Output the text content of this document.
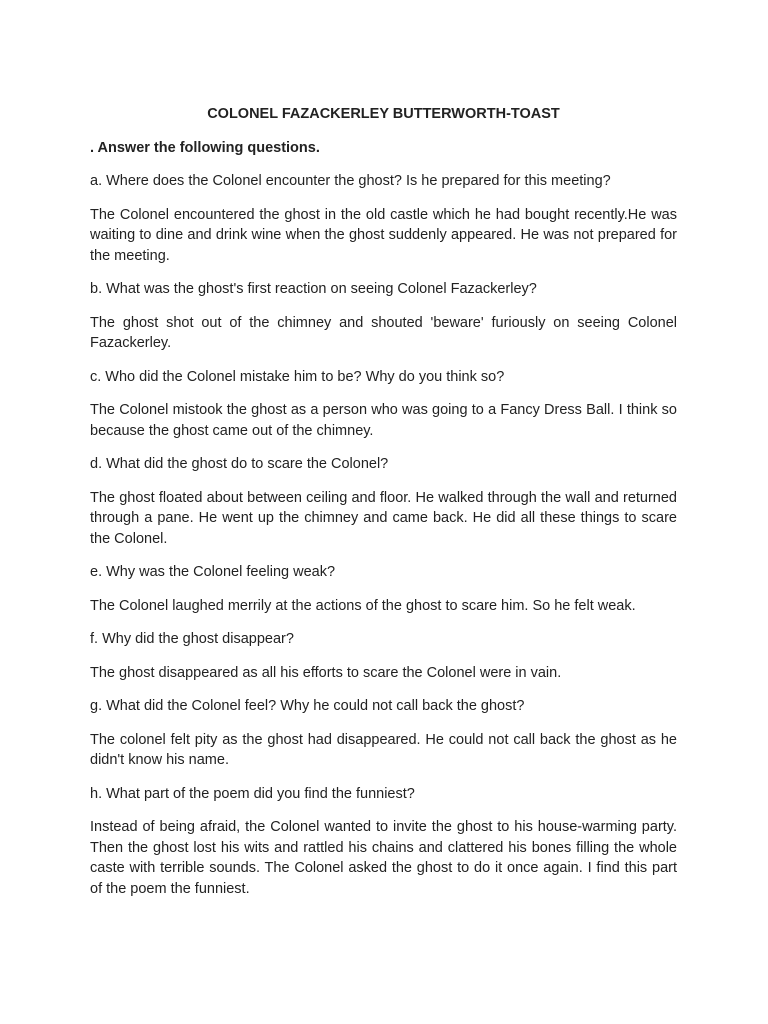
COLONEL FAZACKERLEY BUTTERWORTH-TOAST
. Answer the following questions.

a. Where does the Colonel encounter the ghost? Is he prepared for this meeting?

The Colonel encountered the ghost in the old castle which he had bought recently.He was waiting to dine and drink wine when the ghost suddenly appeared. He was not prepared for the meeting.

b. What was the ghost's first reaction on seeing Colonel Fazackerley?

The ghost shot out of the chimney and shouted 'beware' furiously on seeing Colonel Fazackerley.

c. Who did the Colonel mistake him to be? Why do you think so?

The Colonel mistook the ghost as a person who was going to a Fancy Dress Ball. I think so because the ghost came out of the chimney.

d. What did the ghost do to scare the Colonel?

The ghost floated about between ceiling and floor. He walked through the wall and returned through a pane. He went up the chimney and came back. He did all these things to scare the Colonel.

e. Why was the Colonel feeling weak?

The Colonel laughed merrily at the actions of the ghost to scare him. So he felt weak.

f. Why did the ghost disappear?

The ghost disappeared as all his efforts to scare the Colonel were in vain.

g. What did the Colonel feel? Why he could not call back the ghost?

The colonel felt pity as the ghost had disappeared. He could not call back the ghost as he didn't know his name.

h. What part of the poem did you find the funniest?

Instead of being afraid, the Colonel wanted to invite the ghost to his house-warming party. Then the ghost lost his wits and rattled his chains and clattered his bones filling the whole caste with terrible sounds. The Colonel asked the ghost to do it once again. I find this part of the poem the funniest.
